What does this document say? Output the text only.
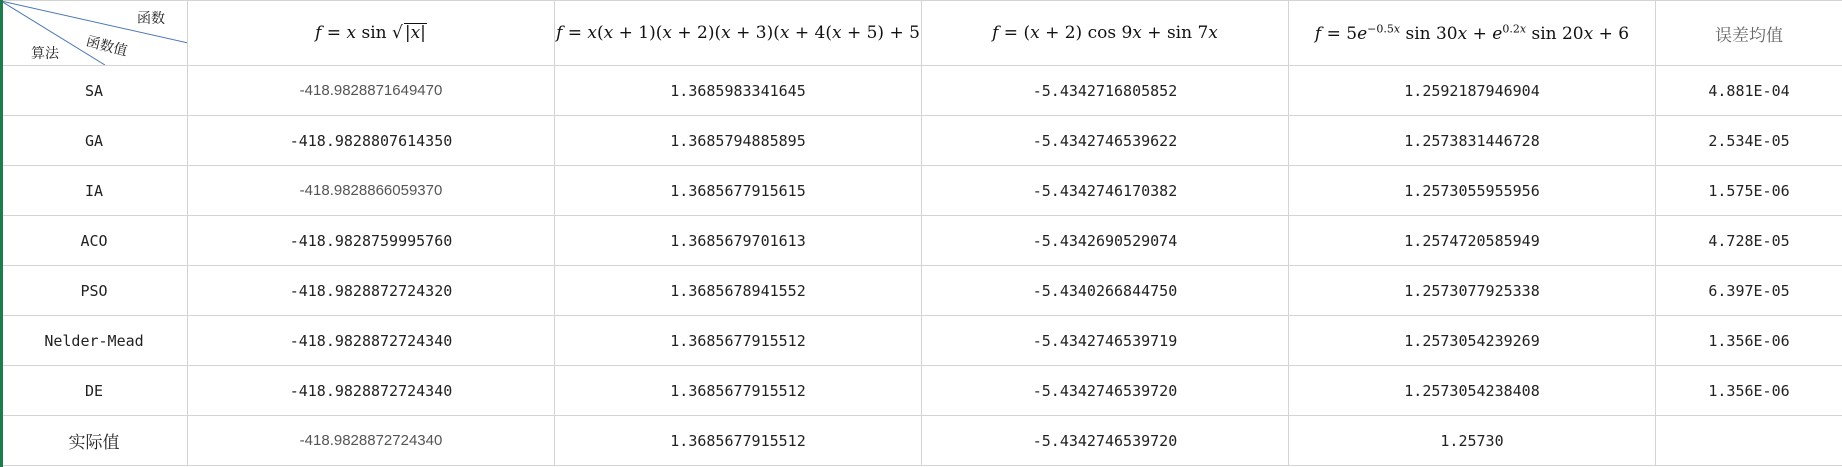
函数
函数值
算法	f = x sin √ |x|	f = x(x + 1)(x + 2)(x + 3)(x + 4(x + 5) + 5	f = (x + 2) cos 9x + sin 7x	$f = 5e^{-0.5x}$ $\sin 30x + e^{0.2x}$ sin 20x + 6	误差均值
SA	-418.9828871649470	1.3685983341645	-5.4342716805852	1.2592187946904	4.881E-04
GA	-418.9828807614350	1.3685794885895	-5.4342746539622	1.2573831446728	2.534E-05
IA	-418.9828866059370	1.3685677915615	-5.4342746170382	1.2573055955956	1.575E-06
ACO	-418.9828759995760	1.3685679701613	-5.4342690529074	1.2574720585949	4.728E-05
PSO	-418.9828872724320	1.3685678941552	-5.4340266844750	1.2573077925338	6.397E-05
Nelder-Mead	-418.9828872724340	1.3685677915512	-5.4342746539719	1.2573054239269	1.356E-06
DE	-418.9828872724340	1.3685677915512	-5.4342746539720	1.2573054238408	1.356E-06
实际值	-418.9828872724340	1.3685677915512	-5.4342746539720	1.25730	
